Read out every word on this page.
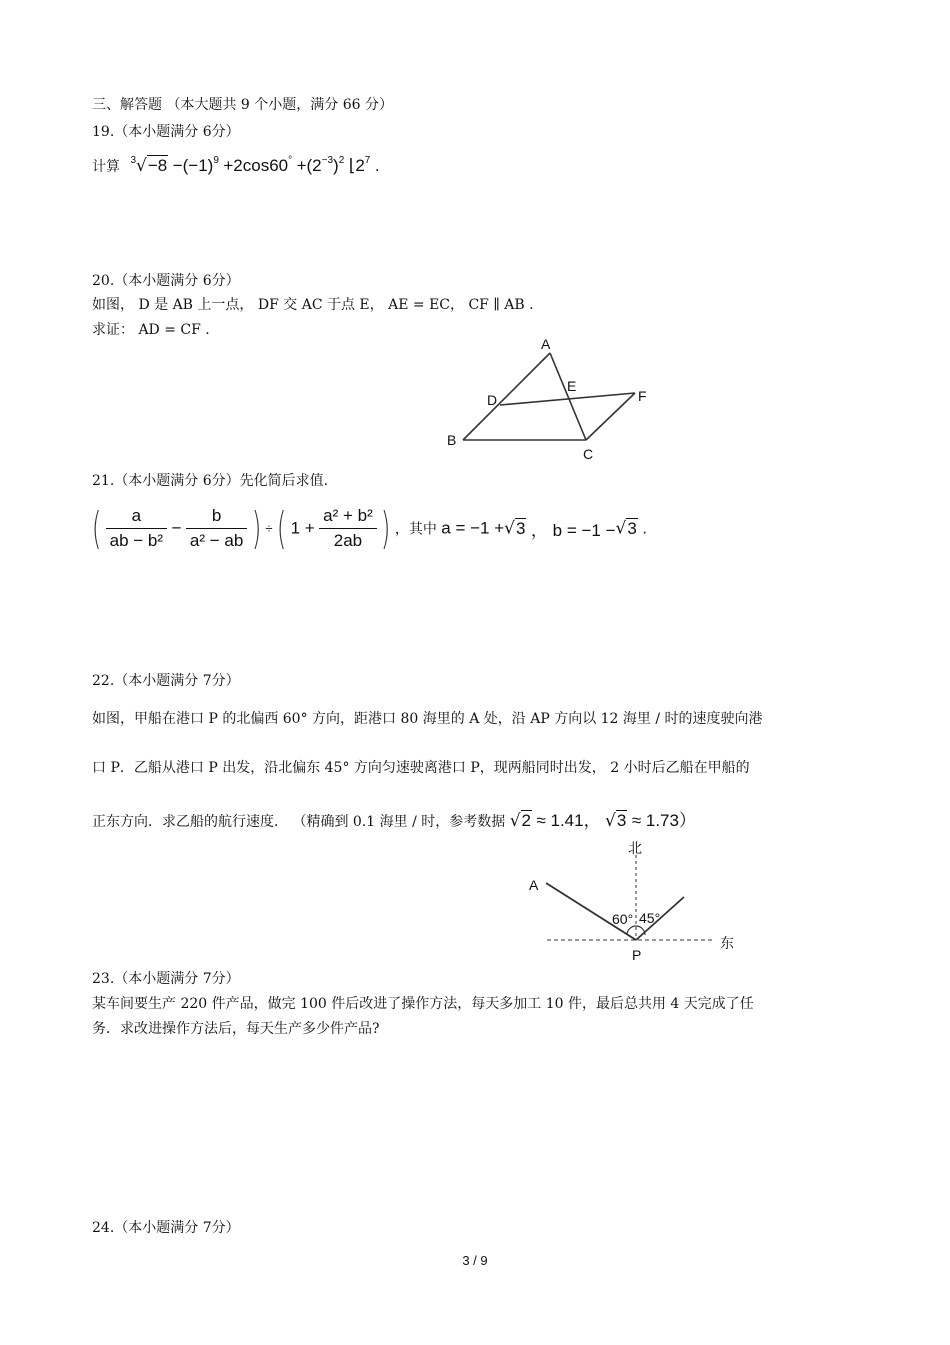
三、解答题 （本大题共 9 个小题，满分 66 分）
19.（本小题满分 6分）
计算 $^3√-8 -(-1)^9 +2\cos 60^\circ +(2^{-3})^2$ $⌊2^7$ .
20.（本小题满分 6分）
如图， D 是 AB 上一点， DF 交 AC 于点 E， AE = EC， CF ∥ AB .
求证： AD = CF .
A
B
C
D
E
F
21.（本小题满分 6分）先化简后求值.
( $\frac{a}{\text{ab − b²}} - \frac{b}{\text{a² − ab}}$ ) ÷ ( $1 + \frac{\text{a² + b²}}{2ab}$ ) ，其中 a = −1 +√3 ， b = −1 −√3 .
22.（本小题满分 7分）
如图，甲船在港口 P 的北偏西 60° 方向，距港口 80 海里的 A 处，沿 AP 方向以 12 海里 / 时的速度驶向港
口 P．乙船从港口 P 出发，沿北偏东 45° 方向匀速驶离港口 P，现两船同时出发， 2 小时后乙船在甲船的
正东方向．求乙船的航行速度． （精确到 0.1 海里 / 时，参考数据 √2 ≈ 1.41， √3 ≈ 1.73）
北
东
A
P
60° 45°
23.（本小题满分 7分）
某车间要生产 220 件产品，做完 100 件后改进了操作方法，每天多加工 10 件，最后总共用 4 天完成了任
务．求改进操作方法后，每天生产多少件产品?
24.（本小题满分 7分）
3 / 9
